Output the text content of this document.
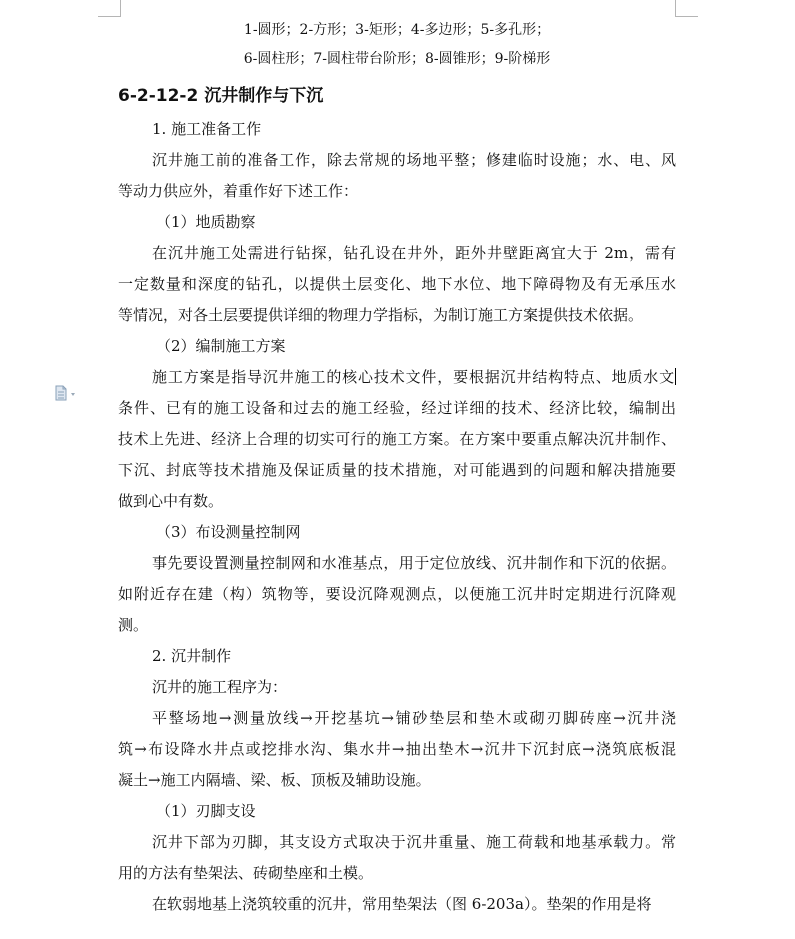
1-圆形；2-方形；3-矩形；4-多边形；5-多孔形；
6-圆柱形；7-圆柱带台阶形；8-圆锥形；9-阶梯形
6-2-12-2 沉井制作与下沉
1. 施工准备工作
沉井施工前的准备工作，除去常规的场地平整；修建临时设施；水、电、风
等动力供应外，着重作好下述工作：
（1）地质勘察
在沉井施工处需进行钻探，钻孔设在井外，距外井壁距离宜大于 2m，需有
一定数量和深度的钻孔，以提供土层变化、地下水位、地下障碍物及有无承压水
等情况，对各土层要提供详细的物理力学指标，为制订施工方案提供技术依据。
（2）编制施工方案
施工方案是指导沉井施工的核心技术文件，要根据沉井结构特点、地质水文
条件、已有的施工设备和过去的施工经验，经过详细的技术、经济比较，编制出
技术上先进、经济上合理的切实可行的施工方案。在方案中要重点解决沉井制作、
下沉、封底等技术措施及保证质量的技术措施，对可能遇到的问题和解决措施要
做到心中有数。
（3）布设测量控制网
事先要设置测量控制网和水准基点，用于定位放线、沉井制作和下沉的依据。
如附近存在建（构）筑物等，要设沉降观测点，以便施工沉井时定期进行沉降观
测。
2. 沉井制作
沉井的施工程序为：
平整场地→测量放线→开挖基坑→铺砂垫层和垫木或砌刃脚砖座→沉井浇
筑→布设降水井点或挖排水沟、集水井→抽出垫木→沉井下沉封底→浇筑底板混
凝土→施工内隔墙、梁、板、顶板及辅助设施。
（1）刃脚支设
沉井下部为刃脚，其支设方式取决于沉井重量、施工荷载和地基承载力。常
用的方法有垫架法、砖砌垫座和土模。
在软弱地基上浇筑较重的沉井，常用垫架法（图 6-203a）。垫架的作用是将
